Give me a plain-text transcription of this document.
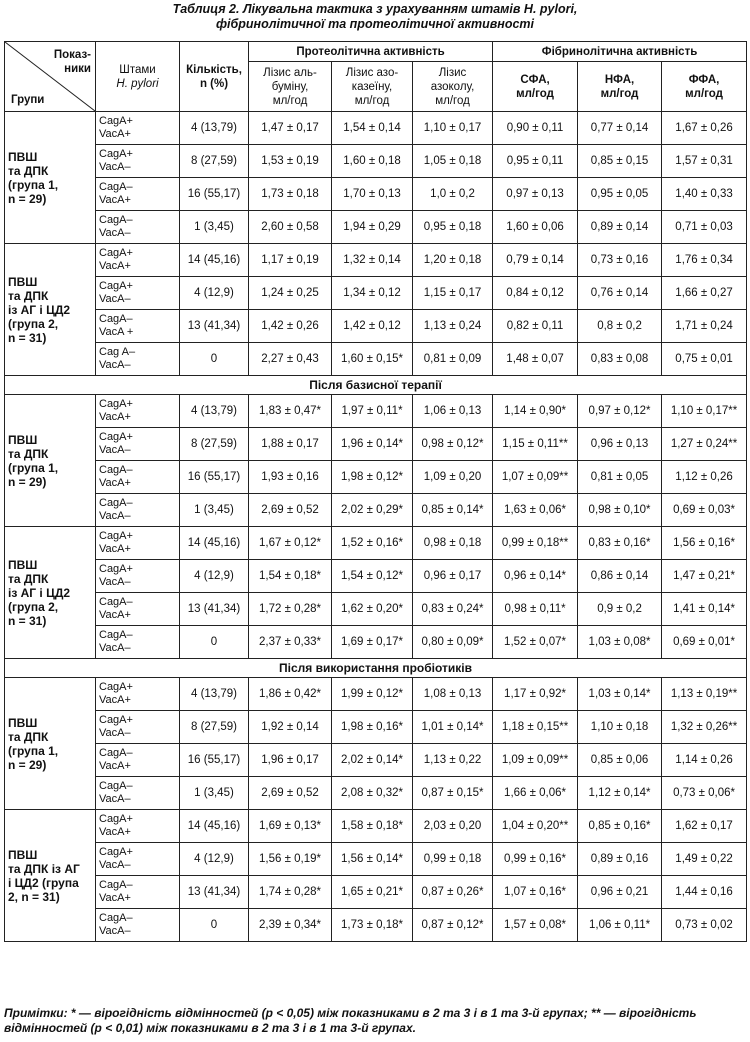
Таблиця 2. Лікувальна тактика з урахуванням штамів H. pylori,
фібринолітичної та протеолітичної активності
Показ-
ники
Групи	Штами
H. pylori	Кількість,
n (%)	Протеолітична активність			Фібринолітична активність		
			Лізис аль-
буміну,
мл/год	Лізис азо-
казеїну,
мл/год	Лізис
азоколу,
мл/год	СФА,
мл/год	НФА,
мл/год	ФФА,
мл/год
ПВШ
та ДПК
(група 1,
n = 29)	CagA+
VacA+	4 (13,79)	1,47 ± 0,17	1,54 ± 0,14	1,10 ± 0,17	0,90 ± 0,11	0,77 ± 0,14	1,67 ± 0,26
	CagA+
VacA–	8 (27,59)	1,53 ± 0,19	1,60 ± 0,18	1,05 ± 0,18	0,95 ± 0,11	0,85 ± 0,15	1,57 ± 0,31
	CagA–
VacA+	16 (55,17)	1,73 ± 0,18	1,70 ± 0,13	1,0 ± 0,2	0,97 ± 0,13	0,95 ± 0,05	1,40 ± 0,33
	CagA–
VacA–	1 (3,45)	2,60 ± 0,58	1,94 ± 0,29	0,95 ± 0,18	1,60 ± 0,06	0,89 ± 0,14	0,71 ± 0,03
ПВШ
та ДПК
із АГ і ЦД2
(група 2,
n = 31)	CagA+
VacA+	14 (45,16)	1,17 ± 0,19	1,32 ± 0,14	1,20 ± 0,18	0,79 ± 0,14	0,73 ± 0,16	1,76 ± 0,34
	CagA+
VacA–	4 (12,9)	1,24 ± 0,25	1,34 ± 0,12	1,15 ± 0,17	0,84 ± 0,12	0,76 ± 0,14	1,66 ± 0,27
	CagA–
VacA +	13 (41,34)	1,42 ± 0,26	1,42 ± 0,12	1,13 ± 0,24	0,82 ± 0,11	0,8 ± 0,2	1,71 ± 0,24
	Cag A–
VacA–	0	2,27 ± 0,43	1,60 ± 0,15*	0,81 ± 0,09	1,48 ± 0,07	0,83 ± 0,08	0,75 ± 0,01
Після базисної терапії								
ПВШ
та ДПК
(група 1,
n = 29)	CagA+
VacA+	4 (13,79)	1,83 ± 0,47*	1,97 ± 0,11*	1,06 ± 0,13	1,14 ± 0,90*	0,97 ± 0,12*	1,10 ± 0,17**
	CagA+
VacA–	8 (27,59)	1,88 ± 0,17	1,96 ± 0,14*	0,98 ± 0,12*	1,15 ± 0,11**	0,96 ± 0,13	1,27 ± 0,24**
	CagA–
VacA+	16 (55,17)	1,93 ± 0,16	1,98 ± 0,12*	1,09 ± 0,20	1,07 ± 0,09**	0,81 ± 0,05	1,12 ± 0,26
	CagA–
VacA–	1 (3,45)	2,69 ± 0,52	2,02 ± 0,29*	0,85 ± 0,14*	1,63 ± 0,06*	0,98 ± 0,10*	0,69 ± 0,03*
ПВШ
та ДПК
із АГ і ЦД2
(група 2,
n = 31)	CagA+
VacA+	14 (45,16)	1,67 ± 0,12*	1,52 ± 0,16*	0,98 ± 0,18	0,99 ± 0,18**	0,83 ± 0,16*	1,56 ± 0,16*
	CagA+
VacA–	4 (12,9)	1,54 ± 0,18*	1,54 ± 0,12*	0,96 ± 0,17	0,96 ± 0,14*	0,86 ± 0,14	1,47 ± 0,21*
	CagA–
VacA+	13 (41,34)	1,72 ± 0,28*	1,62 ± 0,20*	0,83 ± 0,24*	0,98 ± 0,11*	0,9 ± 0,2	1,41 ± 0,14*
	CagA–
VacA–	0	2,37 ± 0,33*	1,69 ± 0,17*	0,80 ± 0,09*	1,52 ± 0,07*	1,03 ± 0,08*	0,69 ± 0,01*
Після використання пробіотиків								
ПВШ
та ДПК
(група 1,
n = 29)	CagA+
VacA+	4 (13,79)	1,86 ± 0,42*	1,99 ± 0,12*	1,08 ± 0,13	1,17 ± 0,92*	1,03 ± 0,14*	1,13 ± 0,19**
	CagA+
VacA–	8 (27,59)	1,92 ± 0,14	1,98 ± 0,16*	1,01 ± 0,14*	1,18 ± 0,15**	1,10 ± 0,18	1,32 ± 0,26**
	CagA–
VacA+	16 (55,17)	1,96 ± 0,17	2,02 ± 0,14*	1,13 ± 0,22	1,09 ± 0,09**	0,85 ± 0,06	1,14 ± 0,26
	CagA–
VacA–	1 (3,45)	2,69 ± 0,52	2,08 ± 0,32*	0,87 ± 0,15*	1,66 ± 0,06*	1,12 ± 0,14*	0,73 ± 0,06*
ПВШ
та ДПК із АГ
і ЦД2 (група
2, n = 31)	CagA+
VacA+	14 (45,16)	1,69 ± 0,13*	1,58 ± 0,18*	2,03 ± 0,20	1,04 ± 0,20**	0,85 ± 0,16*	1,62 ± 0,17
	CagA+
VacA–	4 (12,9)	1,56 ± 0,19*	1,56 ± 0,14*	0,99 ± 0,18	0,99 ± 0,16*	0,89 ± 0,16	1,49 ± 0,22
	CagA–
VacA+	13 (41,34)	1,74 ± 0,28*	1,65 ± 0,21*	0,87 ± 0,26*	1,07 ± 0,16*	0,96 ± 0,21	1,44 ± 0,16
	CagA–
VacA–	0	2,39 ± 0,34*	1,73 ± 0,18*	0,87 ± 0,12*	1,57 ± 0,08*	1,06 ± 0,11*	0,73 ± 0,02
Примітки: * — вірогідність відмінностей (p < 0,05) між показниками в 2 та 3 і в 1 та 3-й групах; ** — вірогідність відмінностей (p < 0,01) між показниками в 2 та 3 і в 1 та 3-й групах.
